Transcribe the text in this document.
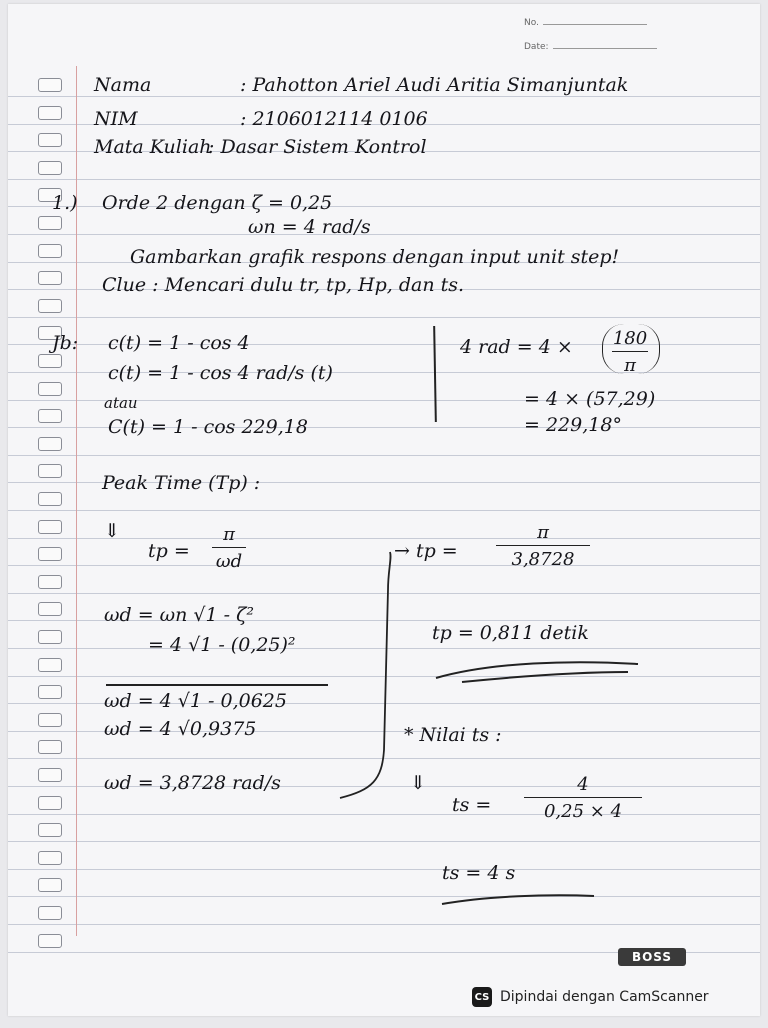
No.
Date:
Nama	: Pahotton Ariel Audi Aritia Simanjuntak
NIM	: 2106012114 0106
Mata Kuliah
: Dasar Sistem Kontrol
1.) Orde 2 dengan ζ = 0,25
ωn = 4 rad/s
Gambarkan grafik respons dengan input unit step!
Clue : Mencari dulu tr, tp, Hp, dan ts.
Jb: c(t) = 1 - cos 4
c(t) = 1 - cos 4 rad/s (t)
atau
C(t) = 1 - cos 229,18
4 rad = $4 \times \frac{180}{\pi}$
= 4 × (57,29)
= 229,18°
Peak Time (Tp) :
⇓
tp = $\frac{\pi}{\omega d}$
ωd = ωn √1 - ζ²
= 4 √1 - (0,25)²
ωd = 4 √1 - 0,0625
ωd = 4 √0,9375
ωd = 3,8728 rad/s
→ tp = $\frac{\pi}{3,8728}$
tp = 0,811 detik
* Nilai ts :
⇓
ts = $\frac{4}{0,25 \times 4}$
ts = 4 s
BOSS
CS Dipindai dengan CamScanner
